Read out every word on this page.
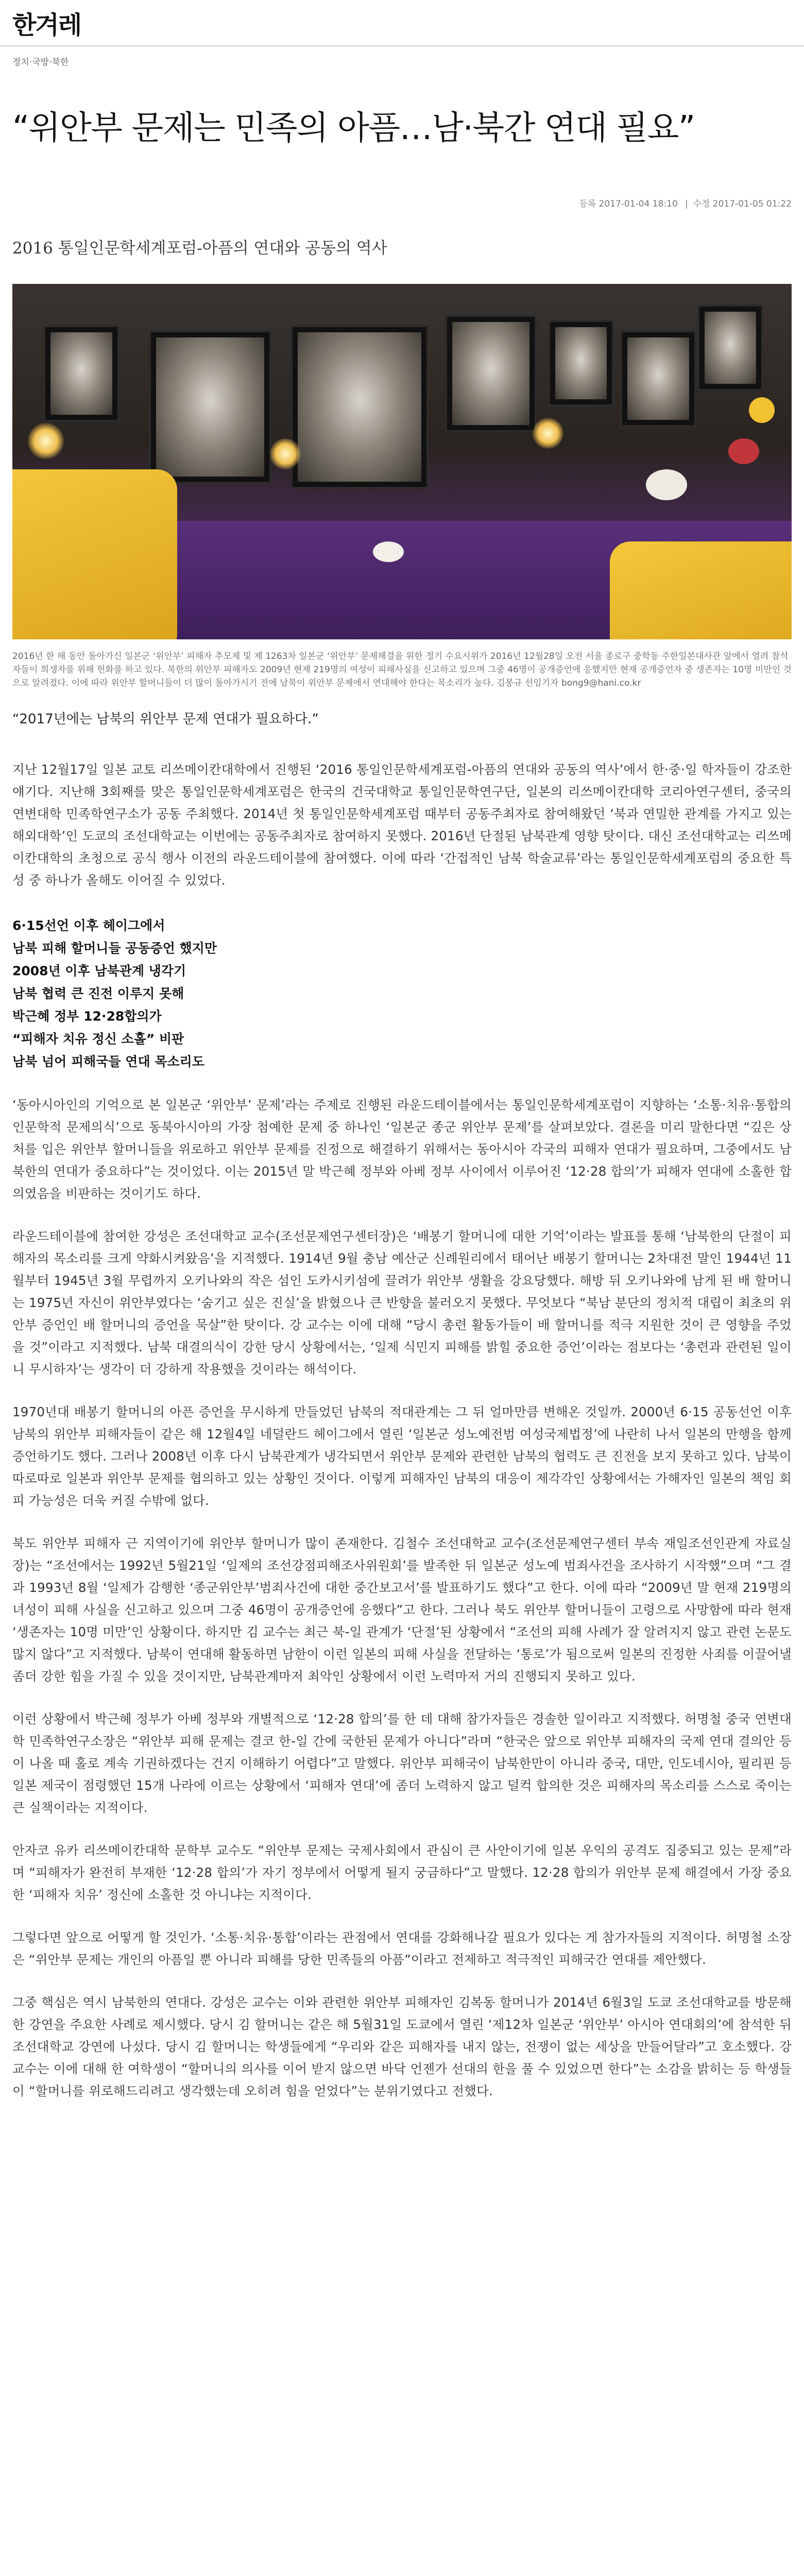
한겨레
정치·국방·북한
“위안부 문제는 민족의 아픔…남·북간 연대 필요”
등록 2017-01-04 18:10 | 수정 2017-01-05 01:22
2016 통일인문학세계포럼-아픔의 연대와 공동의 역사
2016년 한 해 동안 돌아가신 일본군 ‘위안부’ 피해자 추모제 및 제 1263차 일본군 ‘위안부’ 문제해결을 위한 정기 수요시위가 2016년 12월28일 오전 서울 종로구 중학동 주한일본대사관 앞에서 열려 참석자들이 희생자를 위해 헌화를 하고 있다. 북한의 위안부 피해자도 2009년 현재 219명의 여성이 피해사실을 신고하고 있으며 그중 46명이 공개증언에 응했지만 현재 공개증언자 중 생존자는 10명 미만인 것으로 알려졌다. 이에 따라 위안부 할머니들이 더 많이 돌아가시기 전에 남북이 위안부 문제에서 연대해야 한다는 목소리가 높다. 김봉규 선임기자 bong9@hani.co.kr
“2017년에는 남북의 위안부 문제 연대가 필요하다.”

지난 12월17일 일본 교토 리쓰메이칸대학에서 진행된 ‘2016 통일인문학세계포럼-아픔의 연대와 공동의 역사’에서 한·중·일 학자들이 강조한 얘기다. 지난해 3회째를 맞은 통일인문학세계포럼은 한국의 건국대학교 통일인문학연구단, 일본의 리쓰메이칸대학 코리아연구센터, 중국의 연변대학 민족학연구소가 공동 주최했다. 2014년 첫 통일인문학세계포럼 때부터 공동주최자로 참여해왔던 ‘북과 연밀한 관계를 가지고 있는 해외대학’인 도쿄의 조선대학교는 이번에는 공동주최자로 참여하지 못했다. 2016년 단절된 남북관계 영향 탓이다. 대신 조선대학교는 리쓰메이칸대학의 초청으로 공식 행사 이전의 라운드테이블에 참여했다. 이에 따라 ‘간접적인 남북 학술교류’라는 통일인문학세계포럼의 중요한 특성 중 하나가 올해도 이어질 수 있었다.

6·15선언 이후 헤이그에서
남북 피해 할머니들 공동증언 했지만
2008년 이후 남북관계 냉각기
남북 협력 큰 진전 이루지 못해
박근혜 정부 12·28합의가
“피해자 치유 정신 소홀” 비판
남북 넘어 피해국들 연대 목소리도

‘동아시아인의 기억으로 본 일본군 ‘위안부’ 문제’라는 주제로 진행된 라운드테이블에서는 통일인문학세계포럼이 지향하는 ‘소통·치유·통합의 인문학적 문제의식’으로 동북아시아의 가장 첨예한 문제 중 하나인 ‘일본군 종군 위안부 문제’를 살펴보았다. 결론을 미리 말한다면 “깊은 상처를 입은 위안부 할머니들을 위로하고 위안부 문제를 진정으로 해결하기 위해서는 동아시아 각국의 피해자 연대가 필요하며, 그중에서도 남북한의 연대가 중요하다”는 것이었다. 이는 2015년 말 박근혜 정부와 아베 정부 사이에서 이루어진 ‘12·28 합의’가 피해자 연대에 소홀한 합의였음을 비판하는 것이기도 하다.

라운드테이블에 참여한 강성은 조선대학교 교수(조선문제연구센터장)은 ‘배봉기 할머니에 대한 기억’이라는 발표를 통해 ‘남북한의 단절이 피해자의 목소리를 크게 약화시켜왔음’을 지적했다. 1914년 9월 충남 예산군 신례원리에서 태어난 배봉기 할머니는 2차대전 말인 1944년 11월부터 1945년 3월 무렵까지 오키나와의 작은 섬인 도카시키섬에 끌려가 위안부 생활을 강요당했다. 해방 뒤 오키나와에 남게 된 배 할머니는 1975년 자신이 위안부였다는 ‘숨기고 싶은 진실’을 밝혔으나 큰 반향을 불러오지 못했다. 무엇보다 “북남 분단의 정치적 대립이 최초의 위안부 증언인 배 할머니의 증언을 묵살”한 탓이다. 강 교수는 이에 대해 “당시 총련 활동가들이 배 할머니를 적극 지원한 것이 큰 영향을 주었을 것”이라고 지적했다. 남북 대결의식이 강한 당시 상황에서는, ‘일제 식민지 피해를 밝힐 중요한 증언’이라는 점보다는 ‘총련과 관련된 일이니 무시하자’는 생각이 더 강하게 작용했을 것이라는 해석이다.

1970년대 배봉기 할머니의 아픈 증언을 무시하게 만들었던 남북의 적대관계는 그 뒤 얼마만큼 변해온 것일까. 2000년 6·15 공동선언 이후 남북의 위안부 피해자들이 같은 해 12월4일 네덜란드 헤이그에서 열린 ‘일본군 성노예전범 여성국제법정’에 나란히 나서 일본의 만행을 함께 증언하기도 했다. 그러나 2008년 이후 다시 남북관계가 냉각되면서 위안부 문제와 관련한 남북의 협력도 큰 진전을 보지 못하고 있다. 남북이 따로따로 일본과 위안부 문제를 협의하고 있는 상황인 것이다. 이렇게 피해자인 남북의 대응이 제각각인 상황에서는 가해자인 일본의 책임 회피 가능성은 더욱 커질 수밖에 없다.

북도 위안부 피해자 근 지역이기에 위안부 할머니가 많이 존재한다. 김철수 조선대학교 교수(조선문제연구센터 부속 재일조선인관계 자료실장)는 “조선에서는 1992년 5월21일 ‘일제의 조선강점피해조사위원회’를 발족한 뒤 일본군 성노예 범죄사건을 조사하기 시작했”으며 “그 결과 1993년 8월 ‘일제가 감행한 ‘종군위안부’범죄사건에 대한 중간보고서’를 발표하기도 했다”고 한다. 이에 따라 “2009년 말 현재 219명의 녀성이 피해 사실을 신고하고 있으며 그중 46명이 공개증언에 응했다”고 한다. 그러나 북도 위안부 할머니들이 고령으로 사망함에 따라 현재 ‘생존자는 10명 미만’인 상황이다. 하지만 김 교수는 최근 북-일 관계가 ‘단절’된 상황에서 “조선의 피해 사례가 잘 알려지지 않고 관련 논문도 많지 않다”고 지적했다. 남북이 연대해 활동하면 남한이 이런 일본의 피해 사실을 전달하는 ‘통로’가 됨으로써 일본의 진정한 사죄를 이끌어낼 좀더 강한 힘을 가질 수 있을 것이지만, 남북관계마저 최악인 상황에서 이런 노력마저 거의 진행되지 못하고 있다.

이런 상황에서 박근혜 정부가 아베 정부와 개별적으로 ‘12·28 합의’를 한 데 대해 참가자들은 경솔한 일이라고 지적했다. 허명철 중국 연변대학 민족학연구소장은 “위안부 피해 문제는 결코 한-일 간에 국한된 문제가 아니다”라며 “한국은 앞으로 위안부 피해자의 국제 연대 결의안 등이 나올 때 홀로 계속 기권하겠다는 건지 이해하기 어렵다”고 말했다. 위안부 피해국이 남북한만이 아니라 중국, 대만, 인도네시아, 필리핀 등 일본 제국이 점령했던 15개 나라에 이르는 상황에서 ‘피해자 연대’에 좀더 노력하지 않고 덜컥 합의한 것은 피해자의 목소리를 스스로 죽이는 큰 실책이라는 지적이다.

안자코 유카 리쓰메이칸대학 문학부 교수도 “위안부 문제는 국제사회에서 관심이 큰 사안이기에 일본 우익의 공격도 집중되고 있는 문제”라며 “피해자가 완전히 부재한 ‘12·28 합의’가 자기 정부에서 어떻게 될지 궁금하다”고 말했다. 12·28 합의가 위안부 문제 해결에서 가장 중요한 ‘피해자 치유’ 정신에 소홀한 것 아니냐는 지적이다.

그렇다면 앞으로 어떻게 할 것인가. ‘소통·치유·통합’이라는 관점에서 연대를 강화해나갈 필요가 있다는 게 참가자들의 지적이다. 허명철 소장은 “위안부 문제는 개인의 아픔일 뿐 아니라 피해를 당한 민족들의 아픔”이라고 전제하고 적극적인 피해국간 연대를 제안했다.

그중 핵심은 역시 남북한의 연대다. 강성은 교수는 이와 관련한 위안부 피해자인 김복동 할머니가 2014년 6월3일 도쿄 조선대학교를 방문해 한 강연을 주요한 사례로 제시했다. 당시 김 할머니는 같은 해 5월31일 도쿄에서 열린 ‘제12차 일본군 ‘위안부’ 아시아 연대회의’에 참석한 뒤 조선대학교 강연에 나섰다. 당시 김 할머니는 학생들에게 “우리와 같은 피해자를 내지 않는, 전쟁이 없는 세상을 만들어달라”고 호소했다. 강 교수는 이에 대해 한 여학생이 “할머니의 의사를 이어 받지 않으면 바닥 언젠가 선대의 한을 풀 수 있었으면 한다”는 소감을 밝히는 등 학생들이 “할머니를 위로해드리려고 생각했는데 오히려 힘을 얻었다”는 분위기였다고 전했다.
